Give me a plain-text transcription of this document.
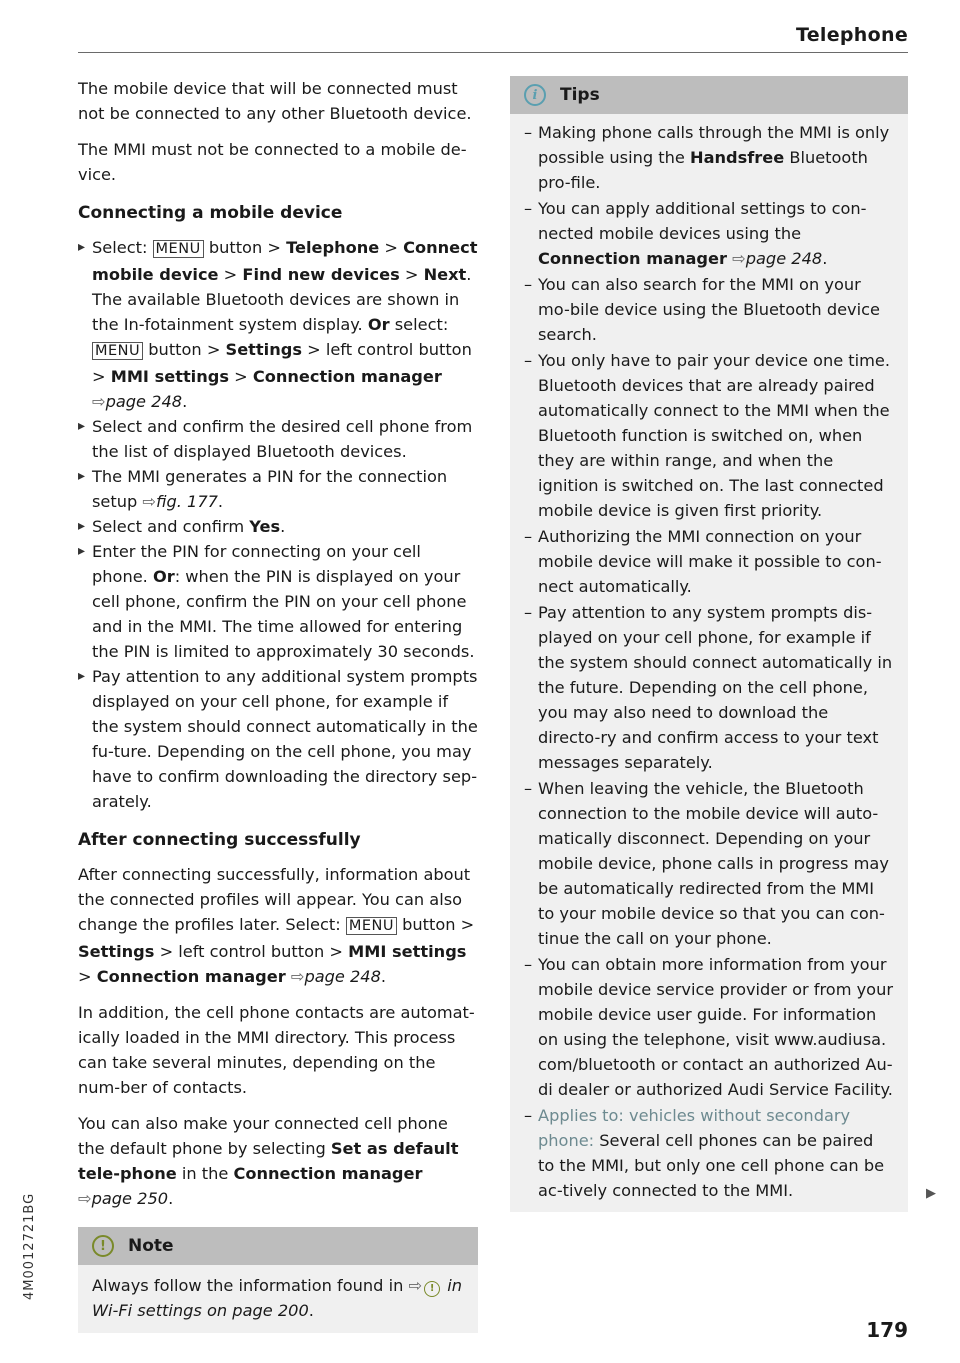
Telephone

The mobile device that will be connected must not be connected to any other Bluetooth device.

The MMI must not be connected to a mobile de-vice.

Connecting a mobile device
▸ Select: MENU button > Telephone > Connect mobile device > Find new devices > Next. The available Bluetooth devices are shown in the In-fotainment system display. Or select: MENU button > Settings > left control button > MMI settings > Connection manager ⇨page 248.
▸ Select and confirm the desired cell phone from the list of displayed Bluetooth devices.
▸ The MMI generates a PIN for the connection setup ⇨fig. 177.
▸ Select and confirm Yes.
▸ Enter the PIN for connecting on your cell phone. Or: when the PIN is displayed on your cell phone, confirm the PIN on your cell phone and in the MMI. The time allowed for entering the PIN is limited to approximately 30 seconds.
▸ Pay attention to any additional system prompts displayed on your cell phone, for example if the system should connect automatically in the fu-ture. Depending on the cell phone, you may have to confirm downloading the directory sep-arately.
After connecting successfully

After connecting successfully, information about the connected profiles will appear. You can also change the profiles later. Select: MENU button > Settings > left control button > MMI settings > Connection manager ⇨page 248.

In addition, the cell phone contacts are automat-ically loaded in the MMI directory. This process can take several minutes, depending on the num-ber of contacts.

You can also make your connected cell phone the default phone by selecting Set as default tele-phone in the Connection manager ⇨page 250.

!	Note
Always follow the information found in ⇨ ! in Wi-Fi settings on page 200.
i	Tips
– Making phone calls through the MMI is only possible using the Handsfree Bluetooth pro-file.
– You can apply additional settings to con-nected mobile devices using the Connection manager ⇨page 248.
– You can also search for the MMI on your mo-bile device using the Bluetooth device search.
– You only have to pair your device one time. Bluetooth devices that are already paired automatically connect to the MMI when the Bluetooth function is switched on, when they are within range, and when the ignition is switched on. The last connected mobile device is given first priority.
– Authorizing the MMI connection on your mobile device will make it possible to con-nect automatically.
– Pay attention to any system prompts dis-played on your cell phone, for example if the system should connect automatically in the future. Depending on the cell phone, you may also need to download the directo-ry and confirm access to your text messages separately.
– When leaving the vehicle, the Bluetooth connection to the mobile device will auto-matically disconnect. Depending on your mobile device, phone calls in progress may be automatically redirected from the MMI to your mobile device so that you can con-tinue the call on your phone.
– You can obtain more information from your mobile device service provider or from your mobile device user guide. For information on using the telephone, visit www.audiusa. com/bluetooth or contact an authorized Au-di dealer or authorized Audi Service Facility.
– Applies to: vehicles without secondary phone: Several cell phones can be paired to the MMI, but only one cell phone can be ac-tively connected to the MMI.	▶
4M0012721BG
179
